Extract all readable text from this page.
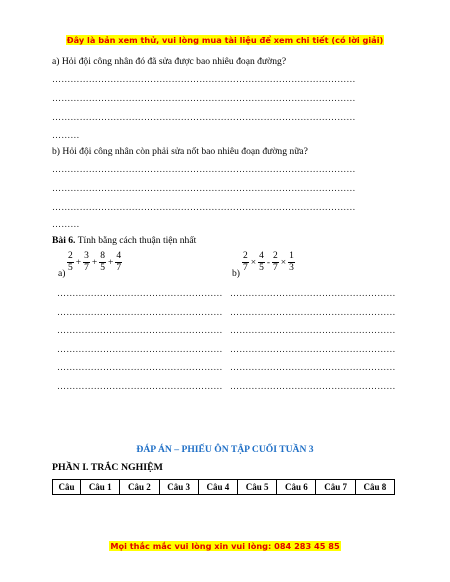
Đây là bản xem thử, vui lòng mua tài liệu để xem chi tiết (có lời giải)
a) Hỏi đội công nhân đó đã sửa được bao nhiêu đoạn đường?
………………………………………………………………………………………
………………………………………………………………………………………
………………………………………………………………………………………
………
b) Hỏi đội công nhân còn phải sửa nốt bao nhiêu đoạn đường nữa?
………………………………………………………………………………………
………………………………………………………………………………………
………………………………………………………………………………………
………
Bài 6. Tính bằng cách thuận tiện nhất
$a) \frac{2}{5} + \frac{3}{7} + \frac{8}{5} + \frac{4}{7}$	$b) \frac{2}{7} \times \frac{4}{5} - \frac{2}{7} \times \frac{1}{3}$
………………………………………………
………………………………………………
………………………………………………
………………………………………………
………………………………………………
………………………………………………
………………………………………………
………………………………………………
………………………………………………
………………………………………………
………………………………………………
………………………………………………
ĐÁP ÁN – PHIẾU ÔN TẬP CUỐI TUẦN 3
PHẦN I. TRẮC NGHIỆM
Câu	Câu 1	Câu 2	Câu 3	Câu 4	Câu 5	Câu 6	Câu 7	Câu 8
Mọi thắc mắc vui lòng xin vui lòng: 084 283 45 85
